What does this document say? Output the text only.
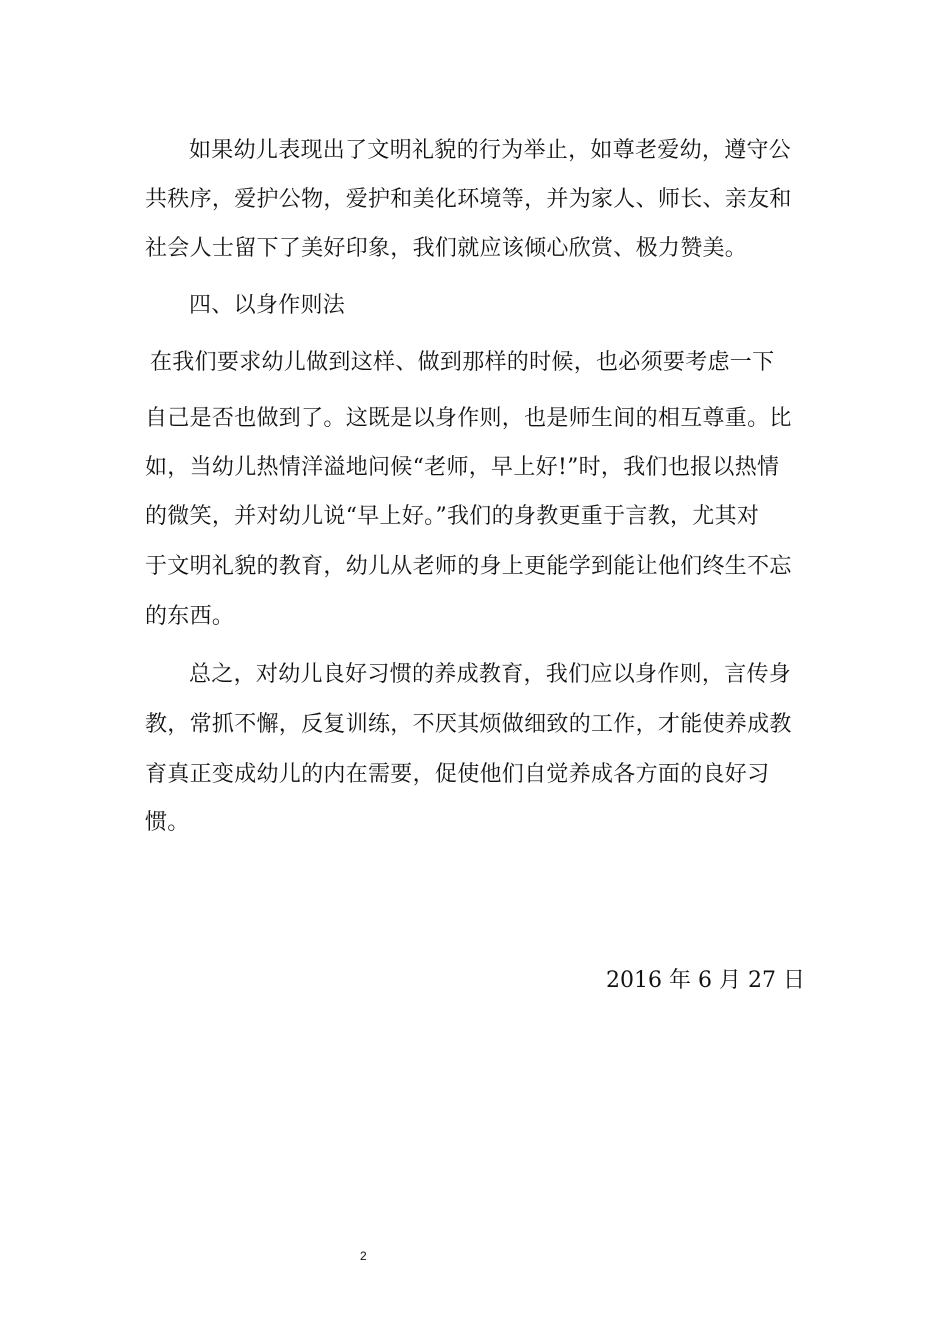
如果幼儿表现出了文明礼貌的行为举止，如尊老爱幼，遵守公
共秩序，爱护公物，爱护和美化环境等，并为家人、师长、亲友和
社会人士留下了美好印象，我们就应该倾心欣赏、极力赞美。
四、以身作则法
在我们要求幼儿做到这样、做到那样的时候，也必须要考虑一下
自己是否也做到了。这既是以身作则，也是师生间的相互尊重。比
如，当幼儿热情洋溢地问候“老师，早上好!”时，我们也报以热情
的微笑，并对幼儿说“早上好。”我们的身教更重于言教，尤其对
于文明礼貌的教育，幼儿从老师的身上更能学到能让他们终生不忘
的东西。
总之，对幼儿良好习惯的养成教育，我们应以身作则，言传身
教，常抓不懈，反复训练，不厌其烦做细致的工作，才能使养成教
育真正变成幼儿的内在需要，促使他们自觉养成各方面的良好习
惯。
2016 年 6 月 27 日
2
